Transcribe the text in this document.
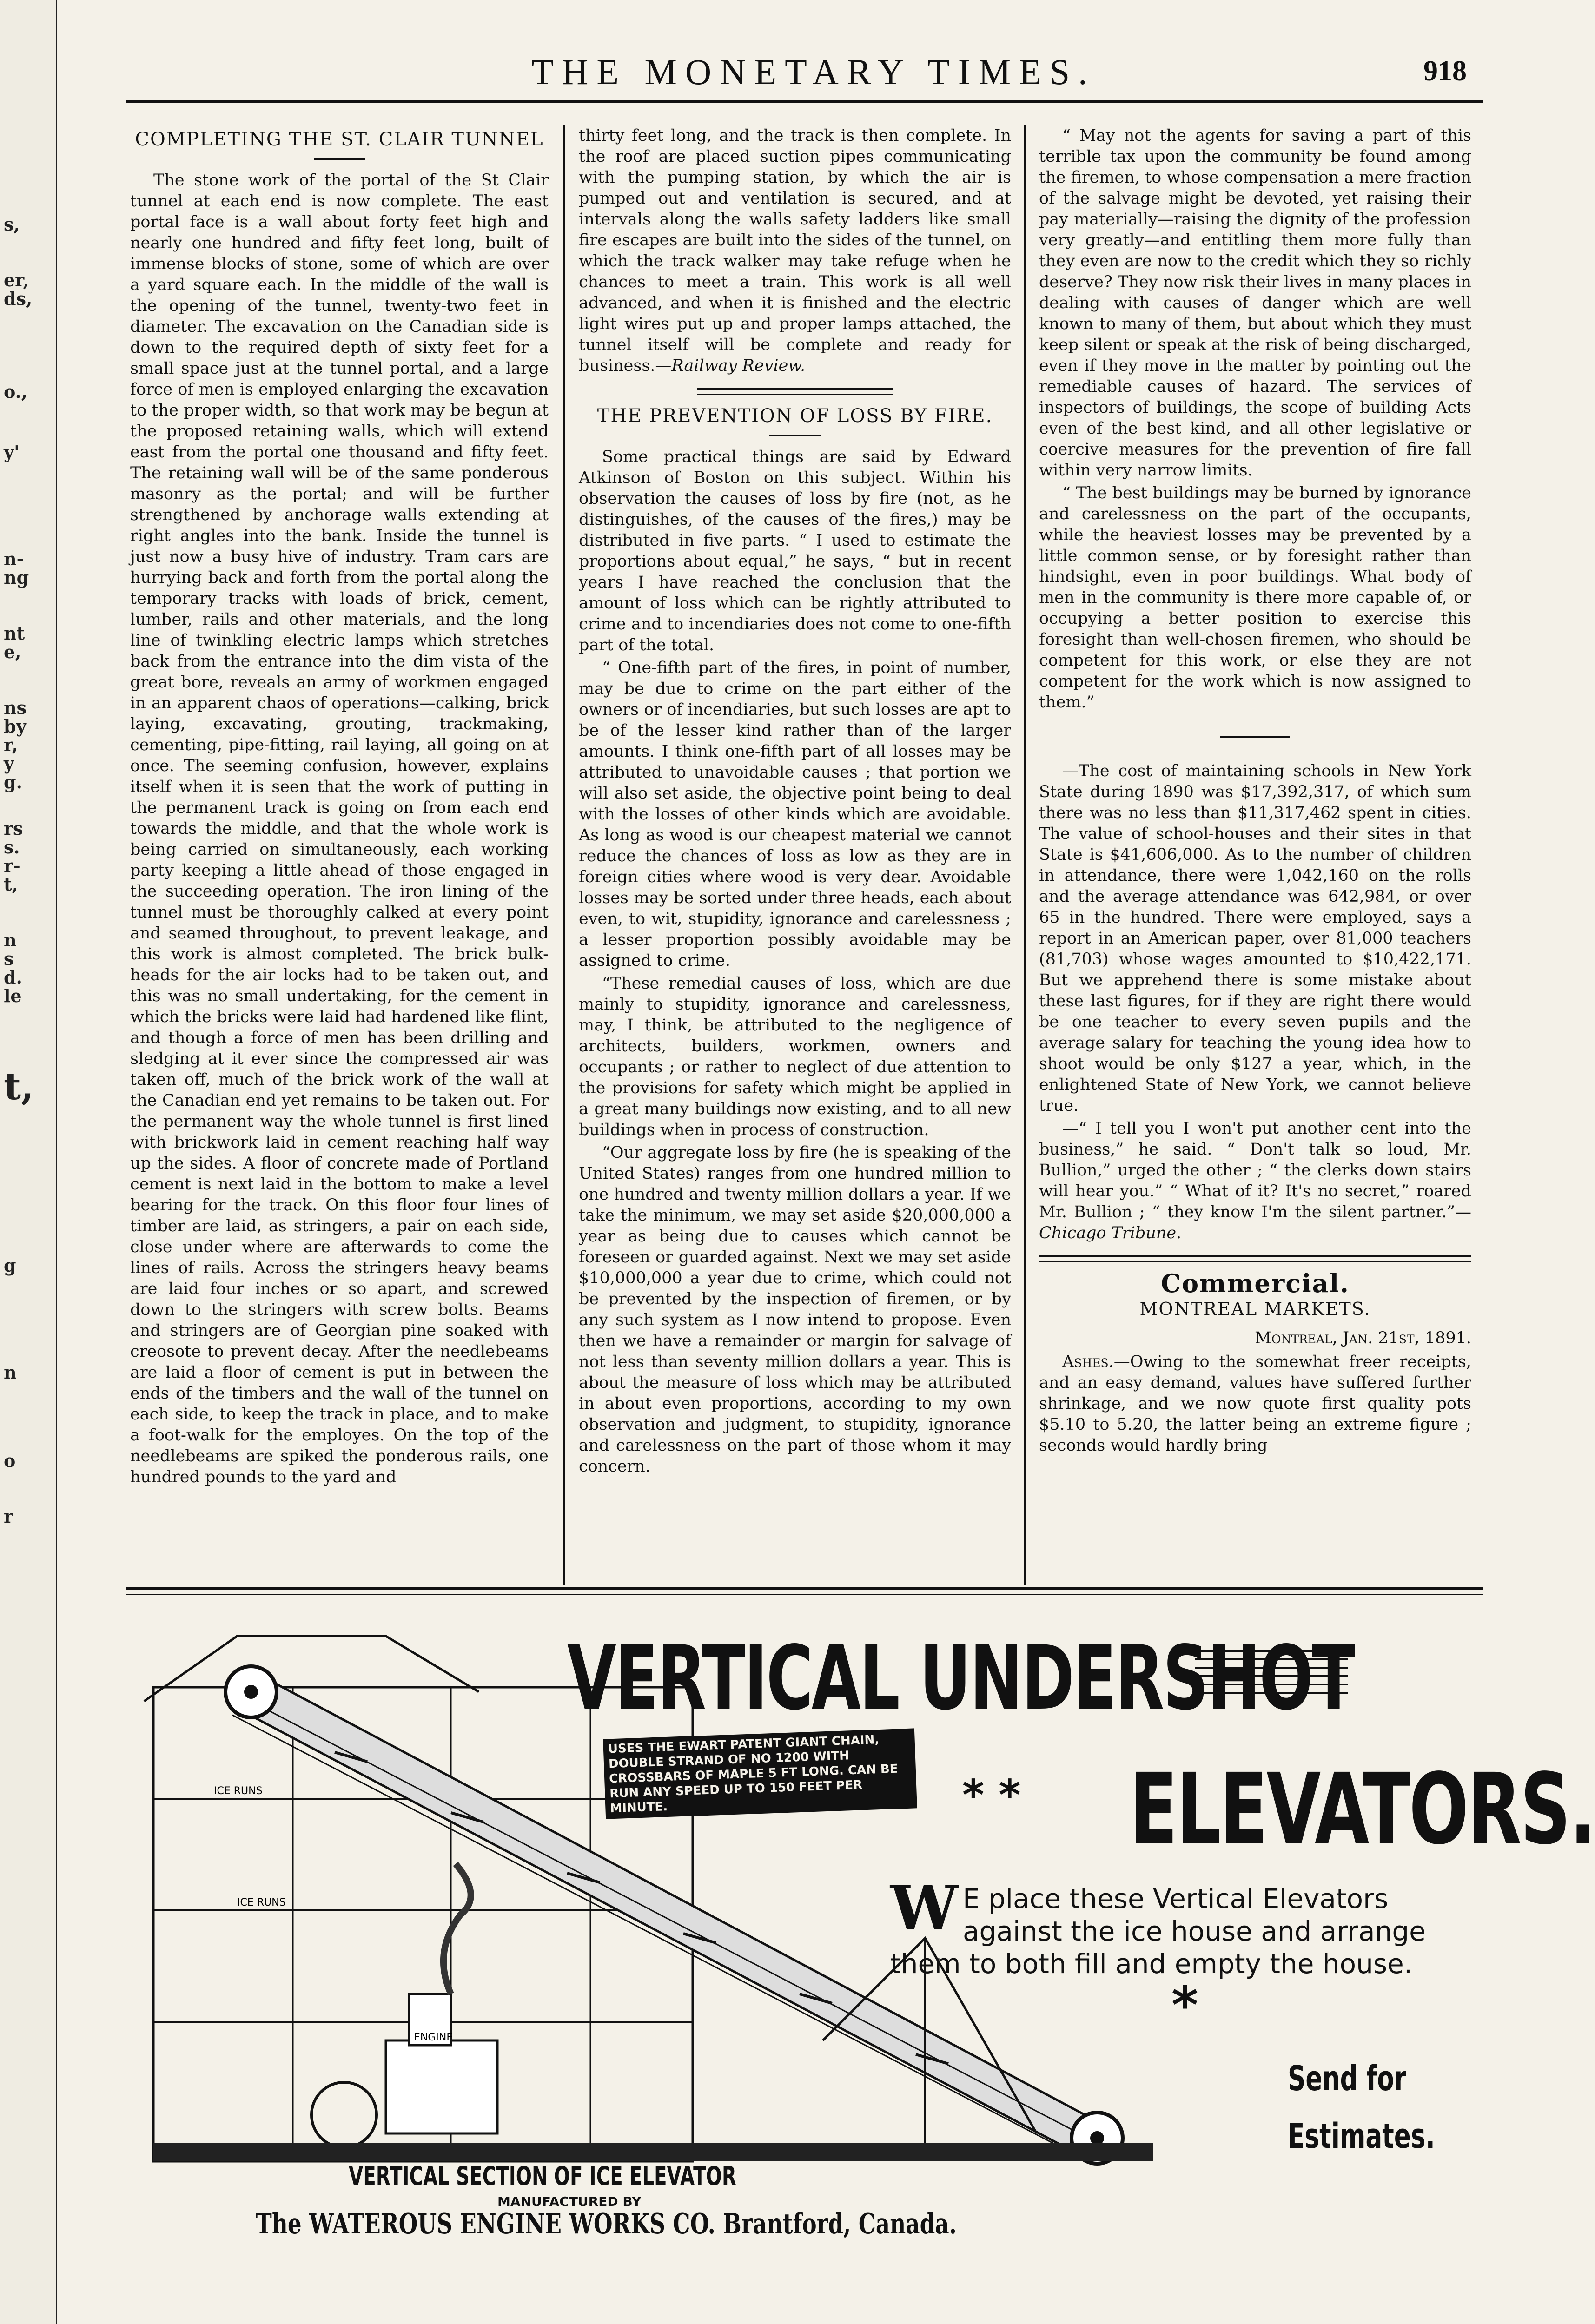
s,
er,
ds,
o.,
y'
n-
ng
nt
e,
ns
by
r,
y
g.
rs
s.
r-
t,
n
s
d.
le
t,
g
n
o
r
THE MONETARY TIMES.	918
COMPLETING THE ST. CLAIR TUNNEL

The stone work of the portal of the St Clair tunnel at each end is now complete. The east portal face is a wall about forty feet high and nearly one hundred and fifty feet long, built of immense blocks of stone, some of which are over a yard square each. In the middle of the wall is the opening of the tunnel, twenty-two feet in diameter. The excavation on the Canadian side is down to the required depth of sixty feet for a small space just at the tunnel portal, and a large force of men is employed enlarging the excavation to the proper width, so that work may be begun at the proposed retaining walls, which will extend east from the portal one thousand and fifty feet. The retaining wall will be of the same ponderous masonry as the portal; and will be further strengthened by anchorage walls extending at right angles into the bank. Inside the tunnel is just now a busy hive of industry. Tram cars are hurrying back and forth from the portal along the temporary tracks with loads of brick, cement, lumber, rails and other materials, and the long line of twinkling electric lamps which stretches back from the entrance into the dim vista of the great bore, reveals an army of workmen engaged in an apparent chaos of operations—calking, brick laying, excavating, grouting, trackmaking, cementing, pipe-fitting, rail laying, all going on at once. The seeming confusion, however, explains itself when it is seen that the work of putting in the permanent track is going on from each end towards the middle, and that the whole work is being carried on simultaneously, each working party keeping a little ahead of those engaged in the succeeding operation. The iron lining of the tunnel must be thoroughly calked at every point and seamed throughout, to prevent leakage, and this work is almost completed. The brick bulk-heads for the air locks had to be taken out, and this was no small undertaking, for the cement in which the bricks were laid had hardened like flint, and though a force of men has been drilling and sledging at it ever since the compressed air was taken off, much of the brick work of the wall at the Canadian end yet remains to be taken out. For the permanent way the whole tunnel is first lined with brickwork laid in cement reaching half way up the sides. A floor of concrete made of Portland cement is next laid in the bottom to make a level bearing for the track. On this floor four lines of timber are laid, as stringers, a pair on each side, close under where are afterwards to come the lines of rails. Across the stringers heavy beams are laid four inches or so apart, and screwed down to the stringers with screw bolts. Beams and stringers are of Georgian pine soaked with creosote to prevent decay. After the needlebeams are laid a floor of cement is put in between the ends of the timbers and the wall of the tunnel on each side, to keep the track in place, and to make a foot-walk for the employes. On the top of the needlebeams are spiked the ponderous rails, one hundred pounds to the yard and

thirty feet long, and the track is then complete. In the roof are placed suction pipes communicating with the pumping station, by which the air is pumped out and ventilation is secured, and at intervals along the walls safety ladders like small fire escapes are built into the sides of the tunnel, on which the track walker may take refuge when he chances to meet a train. This work is all well advanced, and when it is finished and the electric light wires put up and proper lamps attached, the tunnel itself will be complete and ready for business.—Railway Review.

THE PREVENTION OF LOSS BY FIRE.

Some practical things are said by Edward Atkinson of Boston on this subject. Within his observation the causes of loss by fire (not, as he distinguishes, of the causes of the fires,) may be distributed in five parts. “ I used to estimate the proportions about equal,” he says, “ but in recent years I have reached the conclusion that the amount of loss which can be rightly attributed to crime and to incendiaries does not come to one-fifth part of the total.

“ One-fifth part of the fires, in point of number, may be due to crime on the part either of the owners or of incendiaries, but such losses are apt to be of the lesser kind rather than of the larger amounts. I think one-fifth part of all losses may be attributed to unavoidable causes ; that portion we will also set aside, the objective point being to deal with the losses of other kinds which are avoidable. As long as wood is our cheapest material we cannot reduce the chances of loss as low as they are in foreign cities where wood is very dear. Avoidable losses may be sorted under three heads, each about even, to wit, stupidity, ignorance and carelessness ; a lesser proportion possibly avoidable may be assigned to crime.

“These remedial causes of loss, which are due mainly to stupidity, ignorance and carelessness, may, I think, be attributed to the negligence of architects, builders, workmen, owners and occupants ; or rather to neglect of due attention to the provisions for safety which might be applied in a great many buildings now existing, and to all new buildings when in process of construction.

“Our aggregate loss by fire (he is speaking of the United States) ranges from one hundred million to one hundred and twenty million dollars a year. If we take the minimum, we may set aside $20,000,000 a year as being due to causes which cannot be foreseen or guarded against. Next we may set aside $10,000,000 a year due to crime, which could not be prevented by the inspection of firemen, or by any such system as I now intend to propose. Even then we have a remainder or margin for salvage of not less than seventy million dollars a year. This is about the measure of loss which may be attributed in about even proportions, according to my own observation and judgment, to stupidity, ignorance and carelessness on the part of those whom it may concern.

“ May not the agents for saving a part of this terrible tax upon the community be found among the firemen, to whose compensation a mere fraction of the salvage might be devoted, yet raising their pay materially—raising the dignity of the profession very greatly—and entitling them more fully than they even are now to the credit which they so richly deserve? They now risk their lives in many places in dealing with causes of danger which are well known to many of them, but about which they must keep silent or speak at the risk of being discharged, even if they move in the matter by pointing out the remediable causes of hazard. The services of inspectors of buildings, the scope of building Acts even of the best kind, and all other legislative or coercive measures for the prevention of fire fall within very narrow limits.

“ The best buildings may be burned by ignorance and carelessness on the part of the occupants, while the heaviest losses may be prevented by a little common sense, or by foresight rather than hindsight, even in poor buildings. What body of men in the community is there more capable of, or occupying a better position to exercise this foresight than well-chosen firemen, who should be competent for this work, or else they are not competent for the work which is now assigned to them.”

—The cost of maintaining schools in New York State during 1890 was $17,392,317, of which sum there was no less than $11,317,462 spent in cities. The value of school-houses and their sites in that State is $41,606,000. As to the number of children in attendance, there were 1,042,160 on the rolls and the average attendance was 642,984, or over 65 in the hundred. There were employed, says a report in an American paper, over 81,000 teachers (81,703) whose wages amounted to $10,422,171. But we apprehend there is some mistake about these last figures, for if they are right there would be one teacher to every seven pupils and the average salary for teaching the young idea how to shoot would be only $127 a year, which, in the enlightened State of New York, we cannot believe true.

—“ I tell you I won't put another cent into the business,” he said. “ Don't talk so loud, Mr. Bullion,” urged the other ; “ the clerks down stairs will hear you.” “ What of it? It's no secret,” roared Mr. Bullion ; “ they know I'm the silent partner.”—Chicago Tribune.

Commercial.
MONTREAL MARKETS.
Montreal, Jan. 21st, 1891.

Ashes.—Owing to the somewhat freer receipts, and an easy demand, values have suffered further shrinkage, and we now quote first quality pots $5.10 to 5.20, the latter being an extreme figure ; seconds would hardly bring

ICE RUNS
ICE RUNS
ENGINE
VERTICAL UNDERSHOT
USES THE EWART PATENT GIANT CHAIN, DOUBLE STRAND OF NO 1200 WITH CROSSBARS OF MAPLE 5 FT LONG. CAN BE RUN ANY SPEED UP TO 150 FEET PER MINUTE.	* * ELEVATORS.
W E place these Vertical Elevators against the ice house and arrange them to both fill and empty the house.
*
Send for
Estimates.
VERTICAL SECTION OF ICE ELEVATOR
MANUFACTURED BY
The WATEROUS ENGINE WORKS CO. Brantford, Canada.
